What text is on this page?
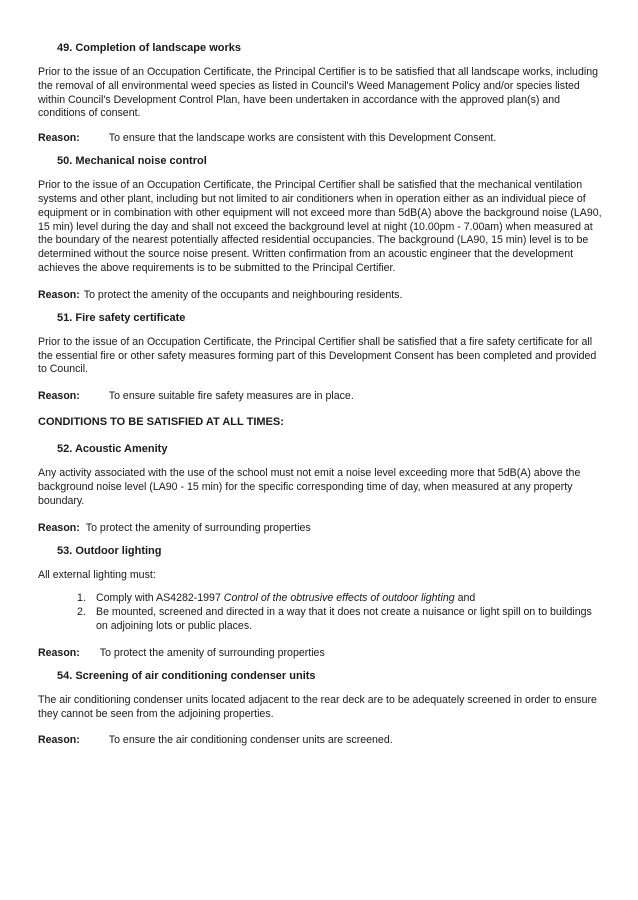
49. Completion of landscape works

Prior to the issue of an Occupation Certificate, the Principal Certifier is to be satisfied that all landscape works, including the removal of all environmental weed species as listed in Council's Weed Management Policy and/or species listed within Council's Development Control Plan, have been undertaken in accordance with the approved plan(s) and conditions of consent.

Reason:	To ensure that the landscape works are consistent with this Development Consent.

50. Mechanical noise control

Prior to the issue of an Occupation Certificate, the Principal Certifier shall be satisfied that the mechanical ventilation systems and other plant, including but not limited to air conditioners when in operation either as an individual piece of equipment or in combination with other equipment will not exceed more than 5dB(A) above the background noise (LA90, 15 min) level during the day and shall not exceed the background level at night (10.00pm - 7.00am) when measured at the boundary of the nearest potentially affected residential occupancies. The background (LA90, 15 min) level is to be determined without the source noise present. Written confirmation from an acoustic engineer that the development achieves the above requirements is to be submitted to the Principal Certifier.

Reason: To protect the amenity of the occupants and neighbouring residents.

51. Fire safety certificate

Prior to the issue of an Occupation Certificate, the Principal Certifier shall be satisfied that a fire safety certificate for all the essential fire or other safety measures forming part of this Development Consent has been completed and provided to Council.

Reason:	To ensure suitable fire safety measures are in place.

CONDITIONS TO BE SATISFIED AT ALL TIMES:

52. Acoustic Amenity

Any activity associated with the use of the school must not emit a noise level exceeding more that 5dB(A) above the background noise level (LA90 - 15 min) for the specific corresponding time of day, when measured at any property boundary.

Reason: To protect the amenity of surrounding properties

53. Outdoor lighting

All external lighting must:

1. Comply with AS4282-1997 Control of the obtrusive effects of outdoor lighting and
2. Be mounted, screened and directed in a way that it does not create a nuisance or light spill on to buildings on adjoining lots or public places.

Reason: To protect the amenity of surrounding properties

54. Screening of air conditioning condenser units

The air conditioning condenser units located adjacent to the rear deck are to be adequately screened in order to ensure they cannot be seen from the adjoining properties.

Reason:	To ensure the air conditioning condenser units are screened.
